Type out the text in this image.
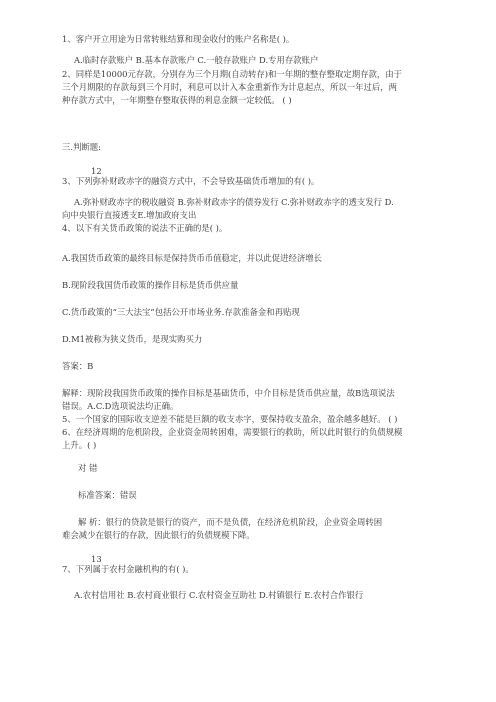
1、客户开立用途为日常转账结算和现金收付的账户名称是( )。
A.临时存款账户 B.基本存款账户 C.一般存款账户 D.专用存款账户
2、同样是10000元存款，分别存为三个月期(自动转存)和一年期的整存整取定期存款，由于
三个月期限的存款每到三个月时，利息可以计入本金重新作为计息起点，所以一年过后，两
种存款方式中，一年期整存整取获得的利息金额一定较低。 ( )
三.判断题:
12
3、下列弥补财政赤字的融资方式中，不会导致基础货币增加的有( )。
A.弥补财政赤字的税收融资 B.弥补财政赤字的债券发行 C.弥补财政赤字的透支发行 D.
向中央银行直接透支E.增加政府支出
4、以下有关货币政策的说法不正确的是( )。
A.我国货币政策的最终目标是保持货币币值稳定，并以此促进经济增长
B.现阶段我国货币政策的操作目标是货币供应量
C.货币政策的“三大法宝”包括公开市场业务.存款准备金和再贴现
D.M1被称为狭义货币，是现实购买力
答案：B
解释：现阶段我国货币政策的操作目标是基础货币，中介目标是货币供应量，故B选项说法
错误。A.C.D选项说法均正确。
5、一个国家的国际收支逆差不能是巨额的收支赤字，要保持收支盈余，盈余越多越好。 ( )
6、在经济周期的危机阶段，企业资金周转困难，需要银行的救助，所以此时银行的负债规模
上升。( )
对 错
标准答案：错误
解 析：银行的贷款是银行的资产，而不是负债，在经济危机阶段，企业资金周转困
难会减少在银行的存款，因此银行的负债规模下降。
13
7、下列属于农村金融机构的有( )。
A.农村信用社 B.农村商业银行 C.农村资金互助社 D.村镇银行 E.农村合作银行
